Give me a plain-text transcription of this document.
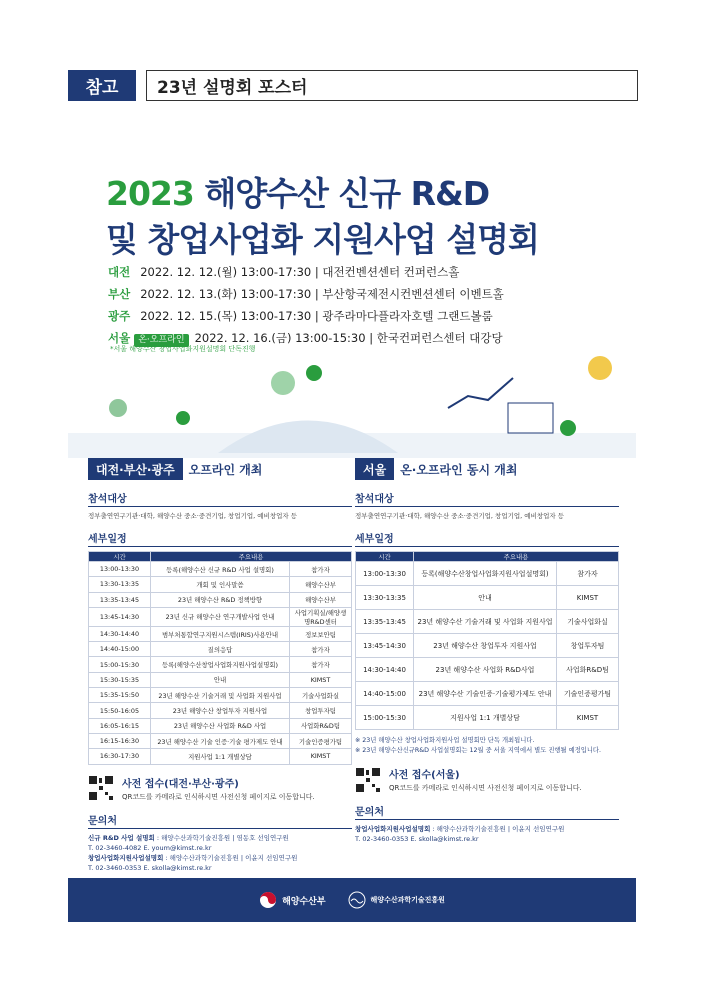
참고	23년 설명회 포스터
2023 해양수산 신규 R&D
및 창업사업화 지원사업 설명회
대전 2022. 12. 12.(월) 13:00-17:30 | 대전컨벤션센터 컨퍼런스홀
부산 2022. 12. 13.(화) 13:00-17:30 | 부산항국제전시컨벤션센터 이벤트홀
광주 2022. 12. 15.(목) 13:00-17:30 | 광주라마다플라자호텔 그랜드볼룸
서울 온·오프라인 2022. 12. 16.(금) 13:00-15:30 | 한국컨퍼런스센터 대강당
*서울 해양수산 창업사업화지원설명회 단독진행
대전·부산·광주	오프라인 개최
참석대상
정부출연연구기관·대학, 해양수산 중소·중견기업, 창업기업, 예비창업자 등
세부일정
시간	주요내용	
13:00-13:30	등록(해양수산 신규 R&D 사업 설명회)	참가자
13:30-13:35	개회 및 인사말씀	해양수산부
13:35-13:45	23년 해양수산 R&D 정책방향	해양수산부
13:45-14:30	23년 신규 해양수산 연구개발사업 안내	사업기획실/해양생명R&D센터
14:30-14:40	범부처통합연구지원시스템(IRIS)사용안내	정보보안팀
14:40-15:00	질의응답	참가자
15:00-15:30	등록(해양수산창업사업화지원사업설명회)	참가자
15:30-15:35	안내	KIMST
15:35-15:50	23년 해양수산 기술거래 및 사업화 지원사업	기술사업화실
15:50-16:05	23년 해양수산 창업투자 지원사업	창업투자팀
16:05-16:15	23년 해양수산 사업화 R&D 사업	사업화R&D팀
16:15-16:30	23년 해양수산 기술 인증·기술 평가제도 안내	기술인증평가팀
16:30-17:30	지원사업 1:1 개별상담	KIMST
사전 접수(대전·부산·광주)
QR코드를 카메라로 인식하시면 사전신청 페이지로 이동합니다.
문의처
신규 R&D 사업 설명회 : 해양수산과학기술진흥원 | 염동호 선임연구원
T. 02-3460-4082 E. youm@kimst.re.kr
창업사업화지원사업설명회 : 해양수산과학기술진흥원 | 이윤지 선임연구원
T. 02-3460-0353 E. skolla@kimst.re.kr
서울	온·오프라인 동시 개최
참석대상
정부출연연구기관·대학, 해양수산 중소·중견기업, 창업기업, 예비창업자 등
세부일정
시간	주요내용	
13:00-13:30	등록(해양수산창업사업화지원사업설명회)	참가자
13:30-13:35	안내	KIMST
13:35-13:45	23년 해양수산 기술거래 및 사업화 지원사업	기술사업화실
13:45-14:30	23년 해양수산 창업투자 지원사업	창업투자팀
14:30-14:40	23년 해양수산 사업화 R&D사업	사업화R&D팀
14:40-15:00	23년 해양수산 기술인증·기술평가제도 안내	기술인증평가팀
15:00-15:30	지원사업 1:1 개별상담	KIMST
※ 23년 해양수산 창업사업화지원사업 설명회만 단독 개최됩니다.
※ 23년 해양수산신규R&D 사업설명회는 12월 중 서울 지역에서 별도 진행될 예정입니다.
사전 접수(서울)
QR코드를 카메라로 인식하시면 사전신청 페이지로 이동합니다.
문의처
창업사업화지원사업설명회 : 해양수산과학기술진흥원 | 이윤지 선임연구원
T. 02-3460-0353 E. skolla@kimst.re.kr
해양수산부	해양수산과학기술진흥원
